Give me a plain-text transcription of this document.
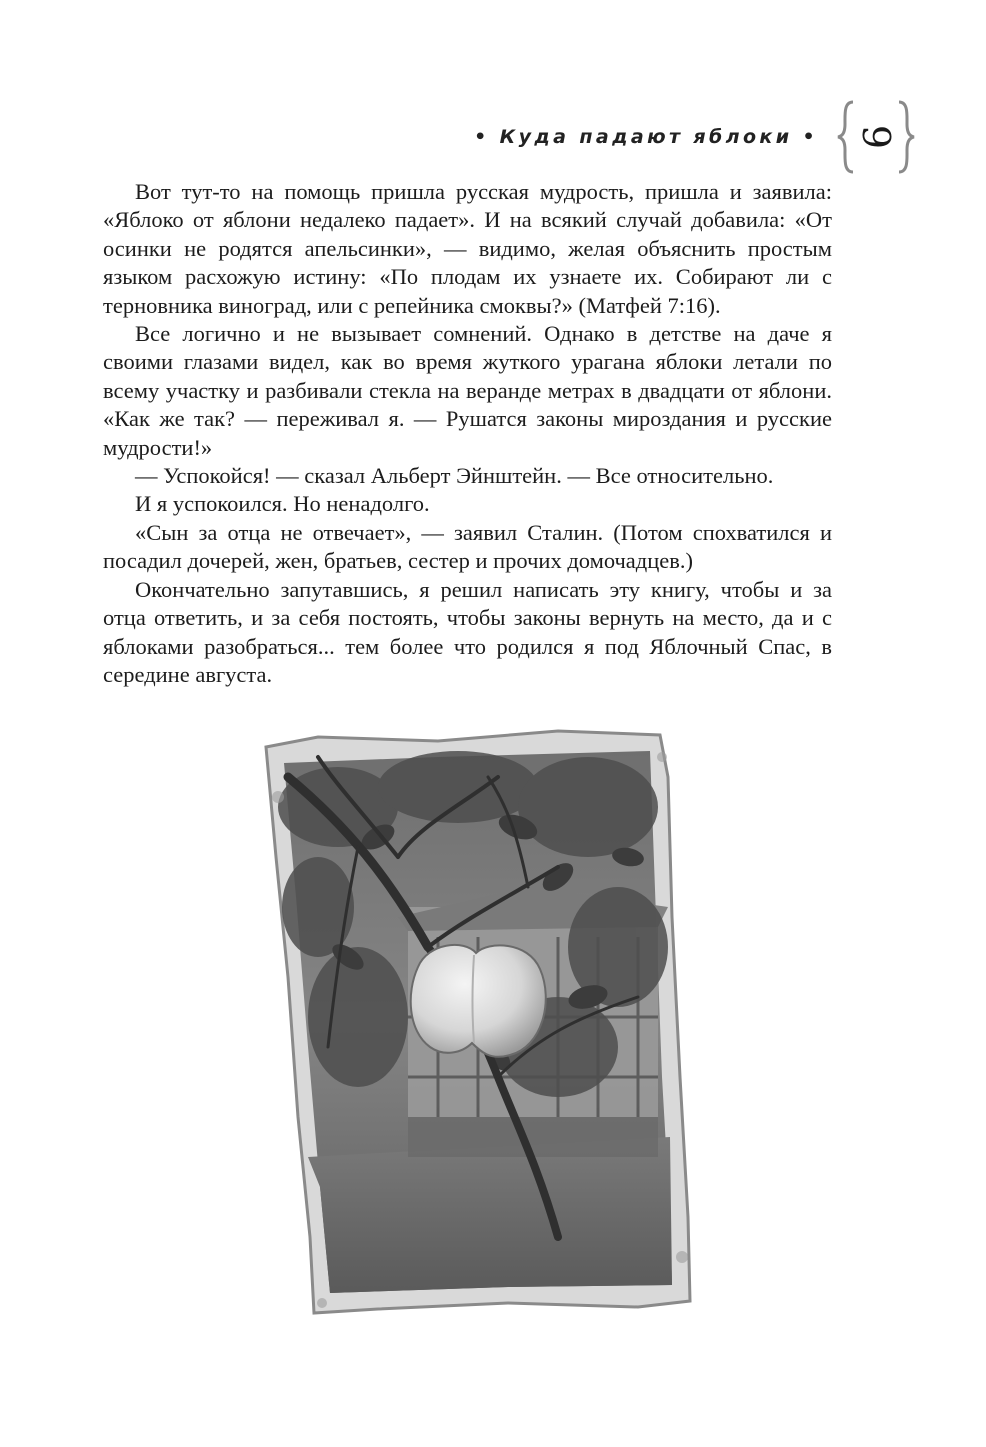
• Куда падают яблоки • 9

Вот тут-то на помощь пришла русская мудрость, пришла и заявила: «Яблоко от яблони недалеко падает». И на всякий случай добавила: «От осинки не родятся апельсинки», — видимо, желая объяснить простым языком расхожую истину: «По плодам их узнаете их. Собирают ли с терновника виноград, или с репейника смоквы?» (Матфей 7:16).

Все логично и не вызывает сомнений. Однако в детстве на даче я своими глазами видел, как во время жуткого урагана яблоки летали по всему участку и разбивали стекла на веранде метрах в двадцати от яблони. «Как же так? — переживал я. — Рушатся законы мироздания и русские мудрости!»

— Успокойся! — сказал Альберт Эйнштейн. — Все относительно.

И я успокоился. Но ненадолго.

«Сын за отца не отвечает», — заявил Сталин. (Потом спохватился и посадил дочерей, жен, братьев, сестер и прочих домочадцев.)

Окончательно запутавшись, я решил написать эту книгу, чтобы и за отца ответить, и за себя постоять, чтобы законы вернуть на место, да и с яблоками разобраться... тем более что родился я под Яблочный Спас, в середине августа.
